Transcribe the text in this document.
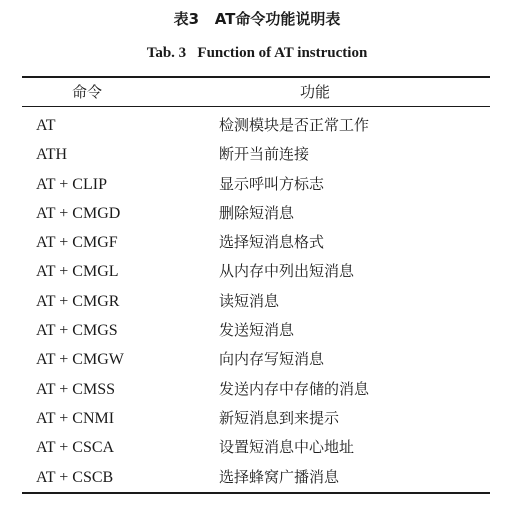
表3   AT命令功能说明表
Tab. 3   Function of AT instruction
命令	功能
AT	检测模块是否正常工作
ATH	断开当前连接
AT + CLIP	显示呼叫方标志
AT + CMGD	删除短消息
AT + CMGF	选择短消息格式
AT + CMGL	从内存中列出短消息
AT + CMGR	读短消息
AT + CMGS	发送短消息
AT + CMGW	向内存写短消息
AT + CMSS	发送内存中存储的消息
AT + CNMI	新短消息到来提示
AT + CSCA	设置短消息中心地址
AT + CSCB	选择蜂窝广播消息
